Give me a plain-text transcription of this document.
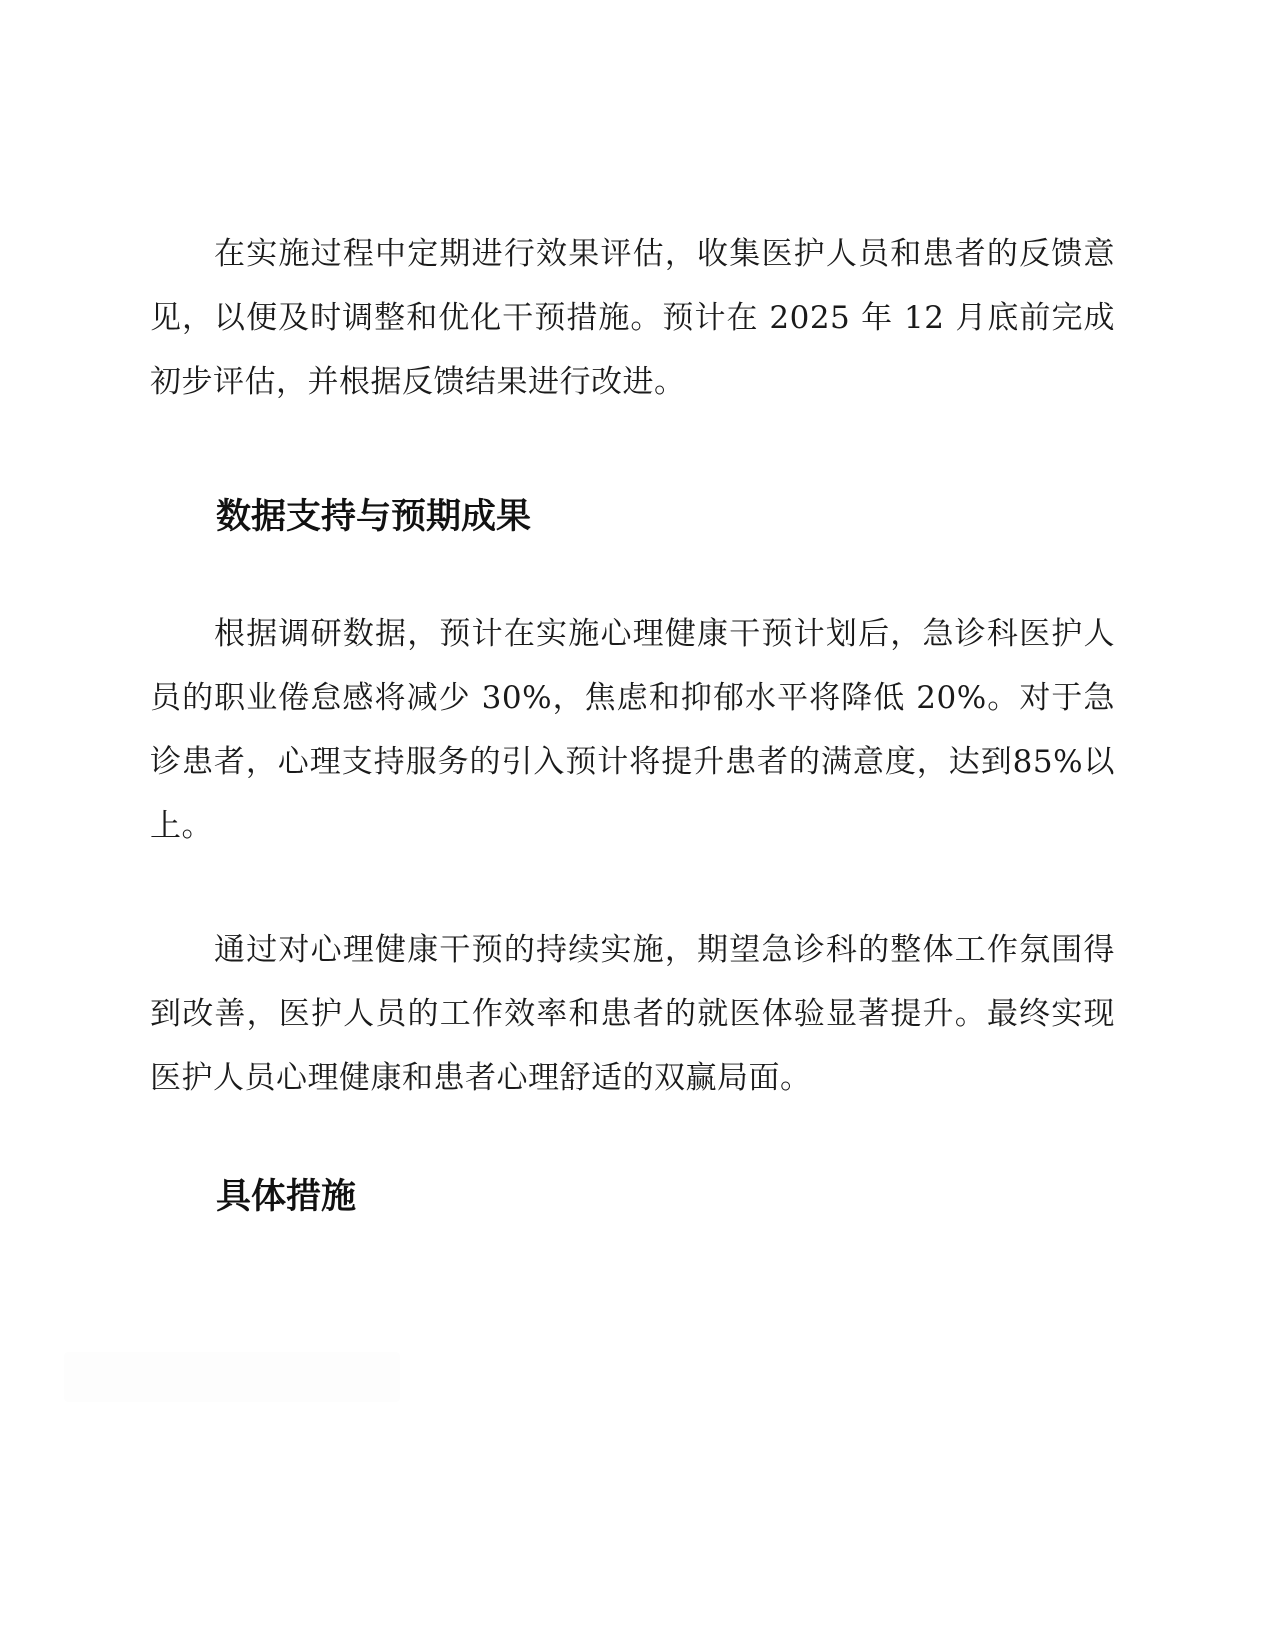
在实施过程中定期进行效果评估，收集医护人员和患者的反馈意见，以便及时调整和优化干预措施。预计在 2025 年 12 月底前完成初步评估，并根据反馈结果进行改进。

数据支持与预期成果

根据调研数据，预计在实施心理健康干预计划后，急诊科医护人员的职业倦怠感将减少 30%，焦虑和抑郁水平将降低 20%。对于急诊患者，心理支持服务的引入预计将提升患者的满意度，达到85%以上。

通过对心理健康干预的持续实施，期望急诊科的整体工作氛围得到改善，医护人员的工作效率和患者的就医体验显著提升。最终实现医护人员心理健康和患者心理舒适的双赢局面。

具体措施
